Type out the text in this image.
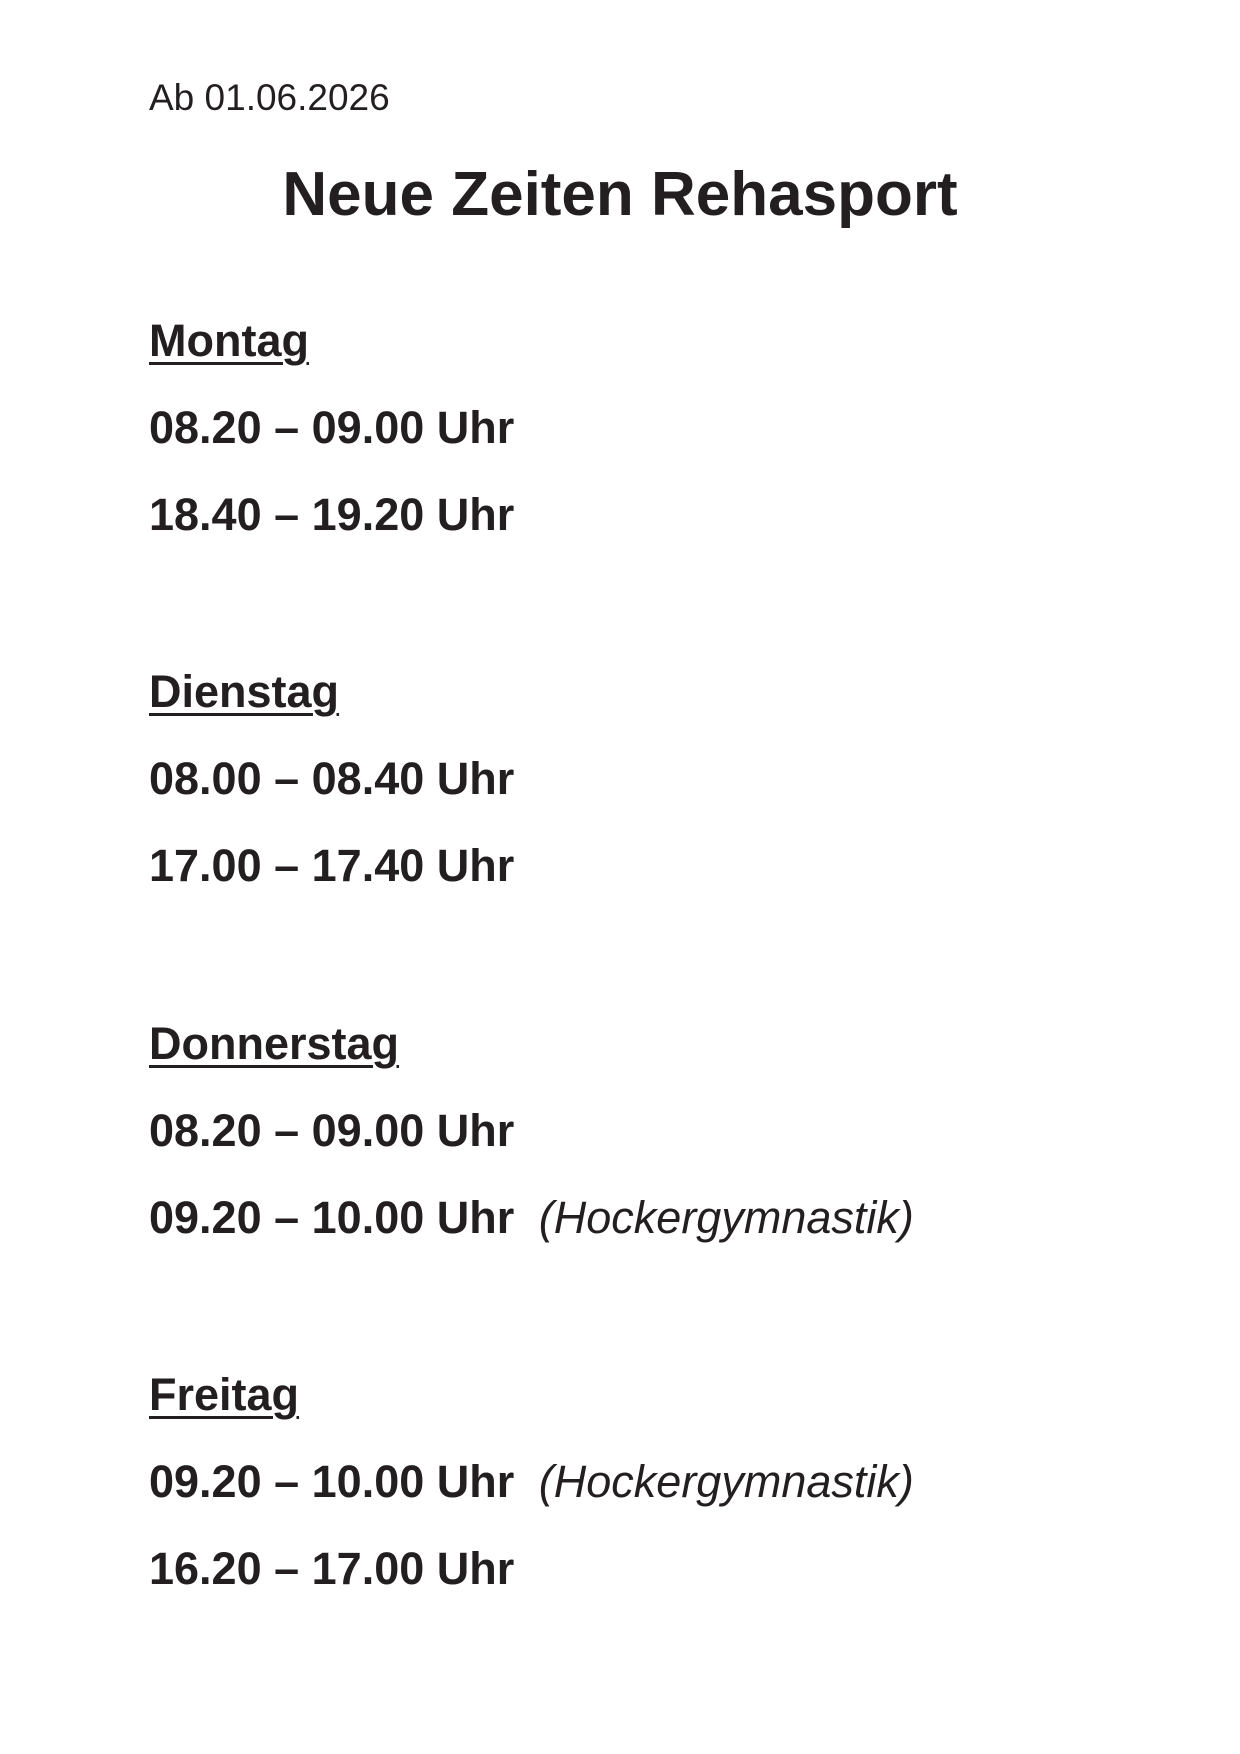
Ab 01.06.2026
Neue Zeiten Rehasport
Montag
08.20 – 09.00 Uhr
18.40 – 19.20 Uhr
Dienstag
08.00 – 08.40 Uhr
17.00 – 17.40 Uhr
Donnerstag
08.20 – 09.00 Uhr
09.20 – 10.00 Uhr (Hockergymnastik)
Freitag
09.20 – 10.00 Uhr (Hockergymnastik)
16.20 – 17.00 Uhr
